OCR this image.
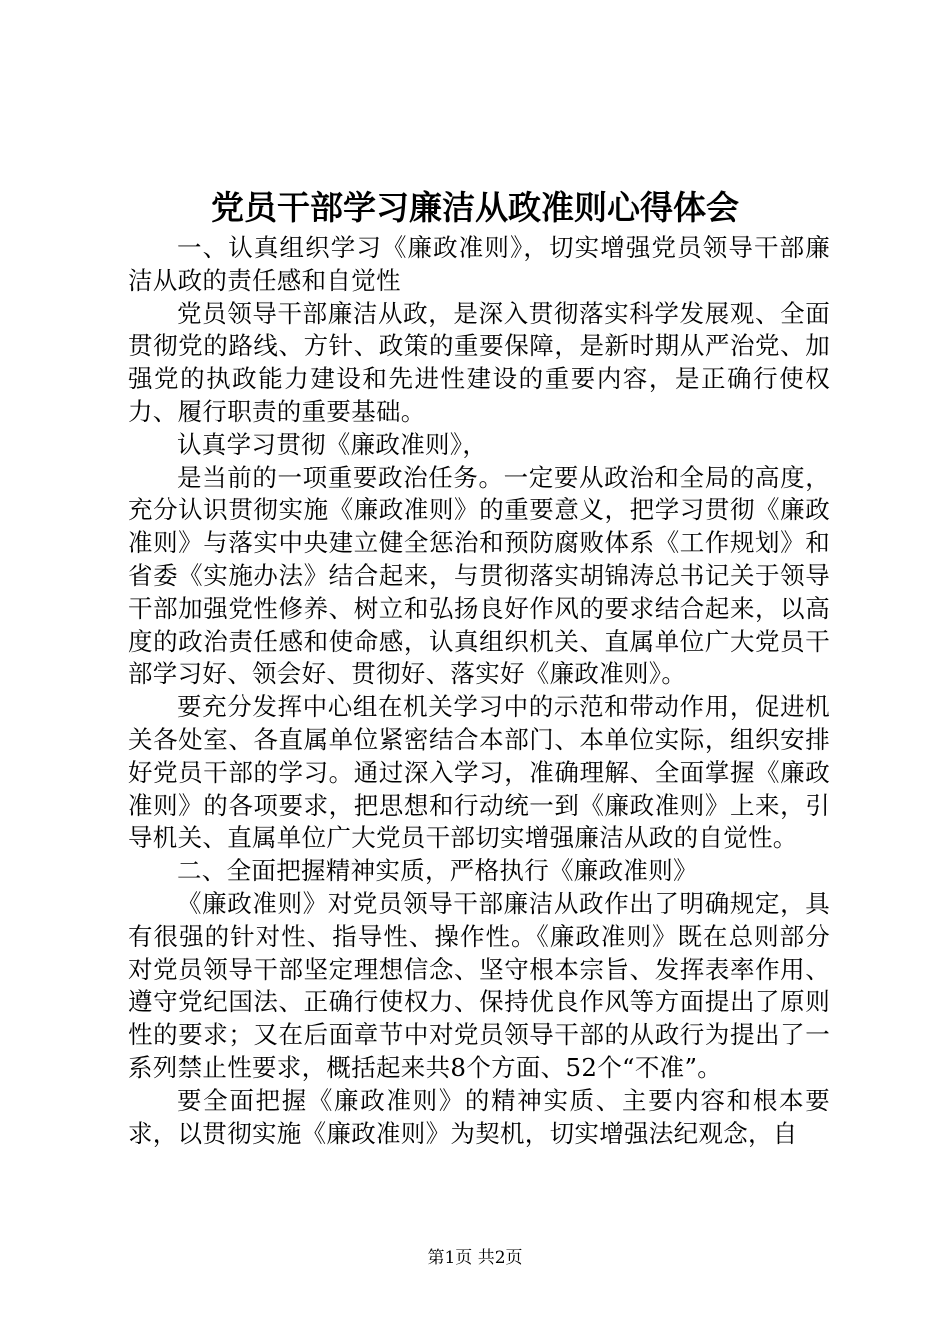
党员干部学习廉洁从政准则心得体会

一、认真组织学习《廉政准则》，切实增强党员领导干部廉洁从政的责任感和自觉性

党员领导干部廉洁从政，是深入贯彻落实科学发展观、全面贯彻党的路线、方针、政策的重要保障，是新时期从严治党、加强党的执政能力建设和先进性建设的重要内容，是正确行使权力、履行职责的重要基础。

认真学习贯彻《廉政准则》，

是当前的一项重要政治任务。一定要从政治和全局的高度，充分认识贯彻实施《廉政准则》的重要意义，把学习贯彻《廉政准则》与落实中央建立健全惩治和预防腐败体系《工作规划》和省委《实施办法》结合起来，与贯彻落实胡锦涛总书记关于领导干部加强党性修养、树立和弘扬良好作风的要求结合起来，以高度的政治责任感和使命感，认真组织机关、直属单位广大党员干部学习好、领会好、贯彻好、落实好《廉政准则》。

要充分发挥中心组在机关学习中的示范和带动作用，促进机关各处室、各直属单位紧密结合本部门、本单位实际，组织安排好党员干部的学习。通过深入学习，准确理解、全面掌握《廉政准则》的各项要求，把思想和行动统一到《廉政准则》上来，引导机关、直属单位广大党员干部切实增强廉洁从政的自觉性。

二、全面把握精神实质，严格执行《廉政准则》

《廉政准则》对党员领导干部廉洁从政作出了明确规定，具有很强的针对性、指导性、操作性。《廉政准则》既在总则部分对党员领导干部坚定理想信念、坚守根本宗旨、发挥表率作用、遵守党纪国法、正确行使权力、保持优良作风等方面提出了原则性的要求；又在后面章节中对党员领导干部的从政行为提出了一系列禁止性要求，概括起来共8个方面、52个“不准”。

要全面把握《廉政准则》的精神实质、主要内容和根本要求，以贯彻实施《廉政准则》为契机，切实增强法纪观念，自

第1页 共2页
